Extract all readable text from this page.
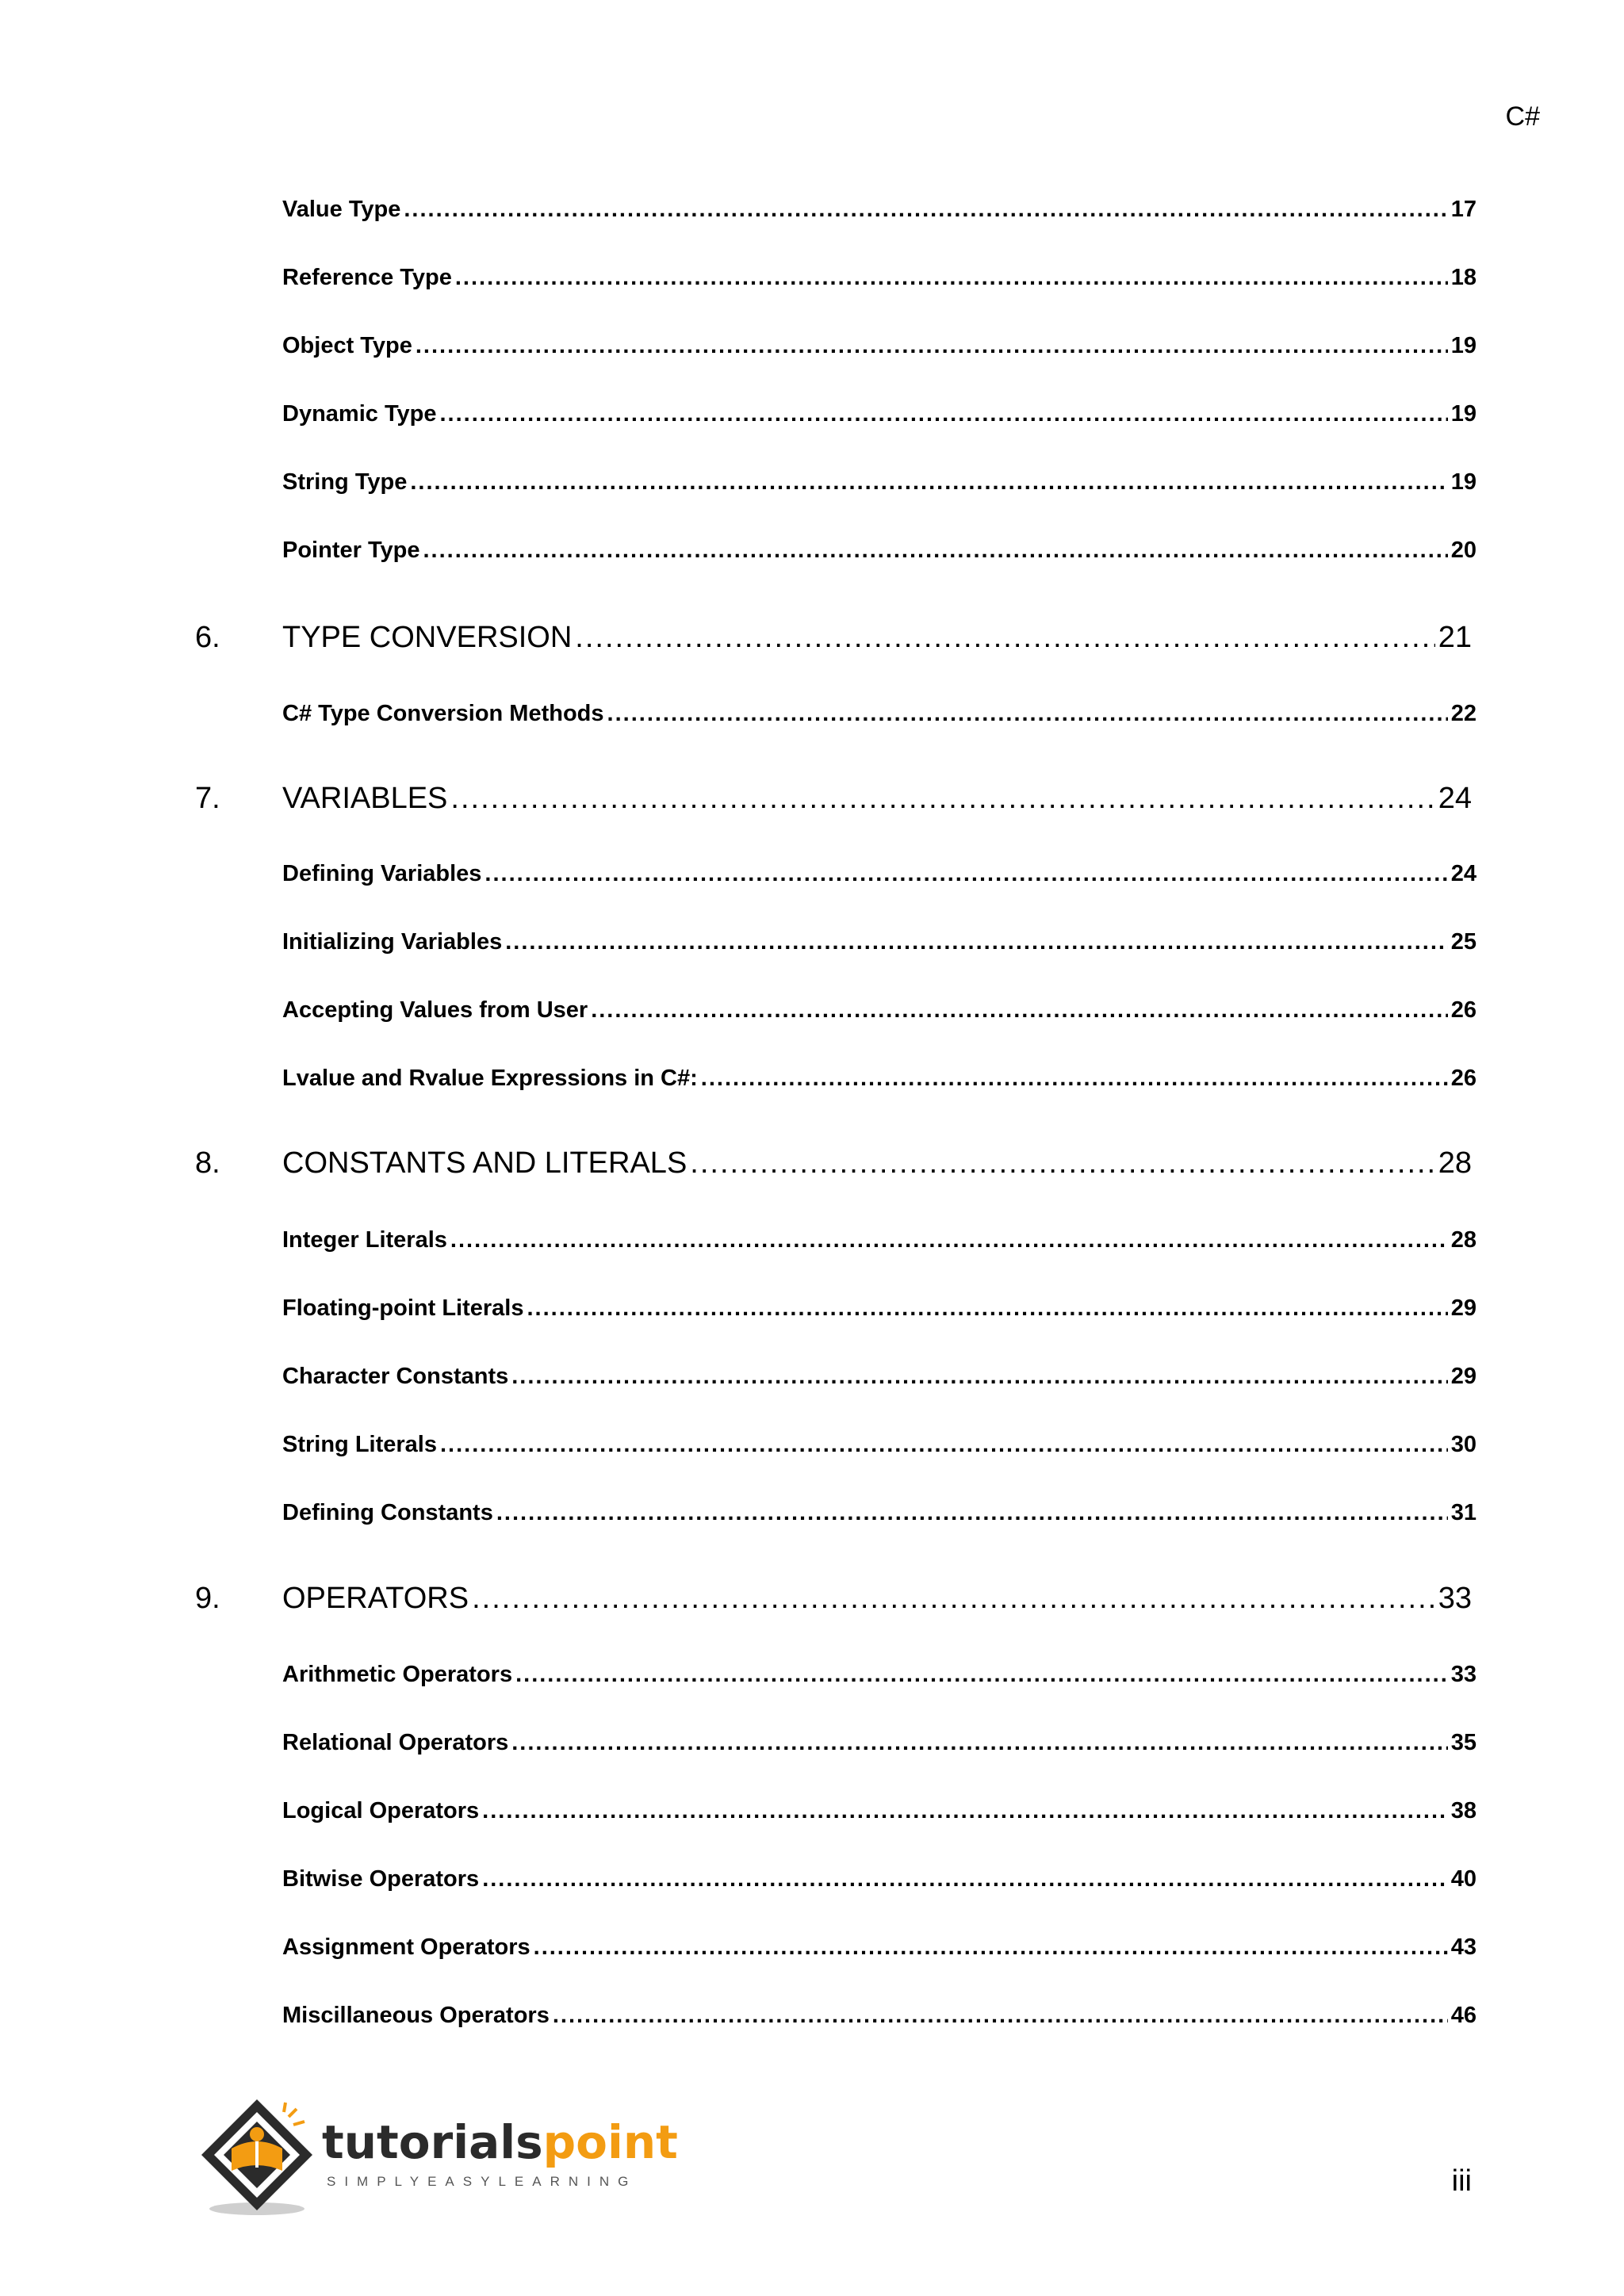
C#
Value Type .....	17
Reference Type .....	18
Object Type .....	19
Dynamic Type .....	19
String Type .....	19
Pointer Type .....	20
6.	TYPE CONVERSION .....	21
C# Type Conversion Methods .....	22
7.	VARIABLES .....	24
Defining Variables .....	24
Initializing Variables .....	25
Accepting Values from User .....	26
Lvalue and Rvalue Expressions in C#: .....	26
8.	CONSTANTS AND LITERALS .....	28
Integer Literals .....	28
Floating-point Literals .....	29
Character Constants .....	29
String Literals .....	30
Defining Constants .....	31
9.	OPERATORS .....	33
Arithmetic Operators .....	33
Relational Operators .....	35
Logical Operators .....	38
Bitwise Operators .....	40
Assignment Operators .....	43
Miscillaneous Operators .....	46
tutorialspoint
SIMPLYEASYLEARNING	iii
